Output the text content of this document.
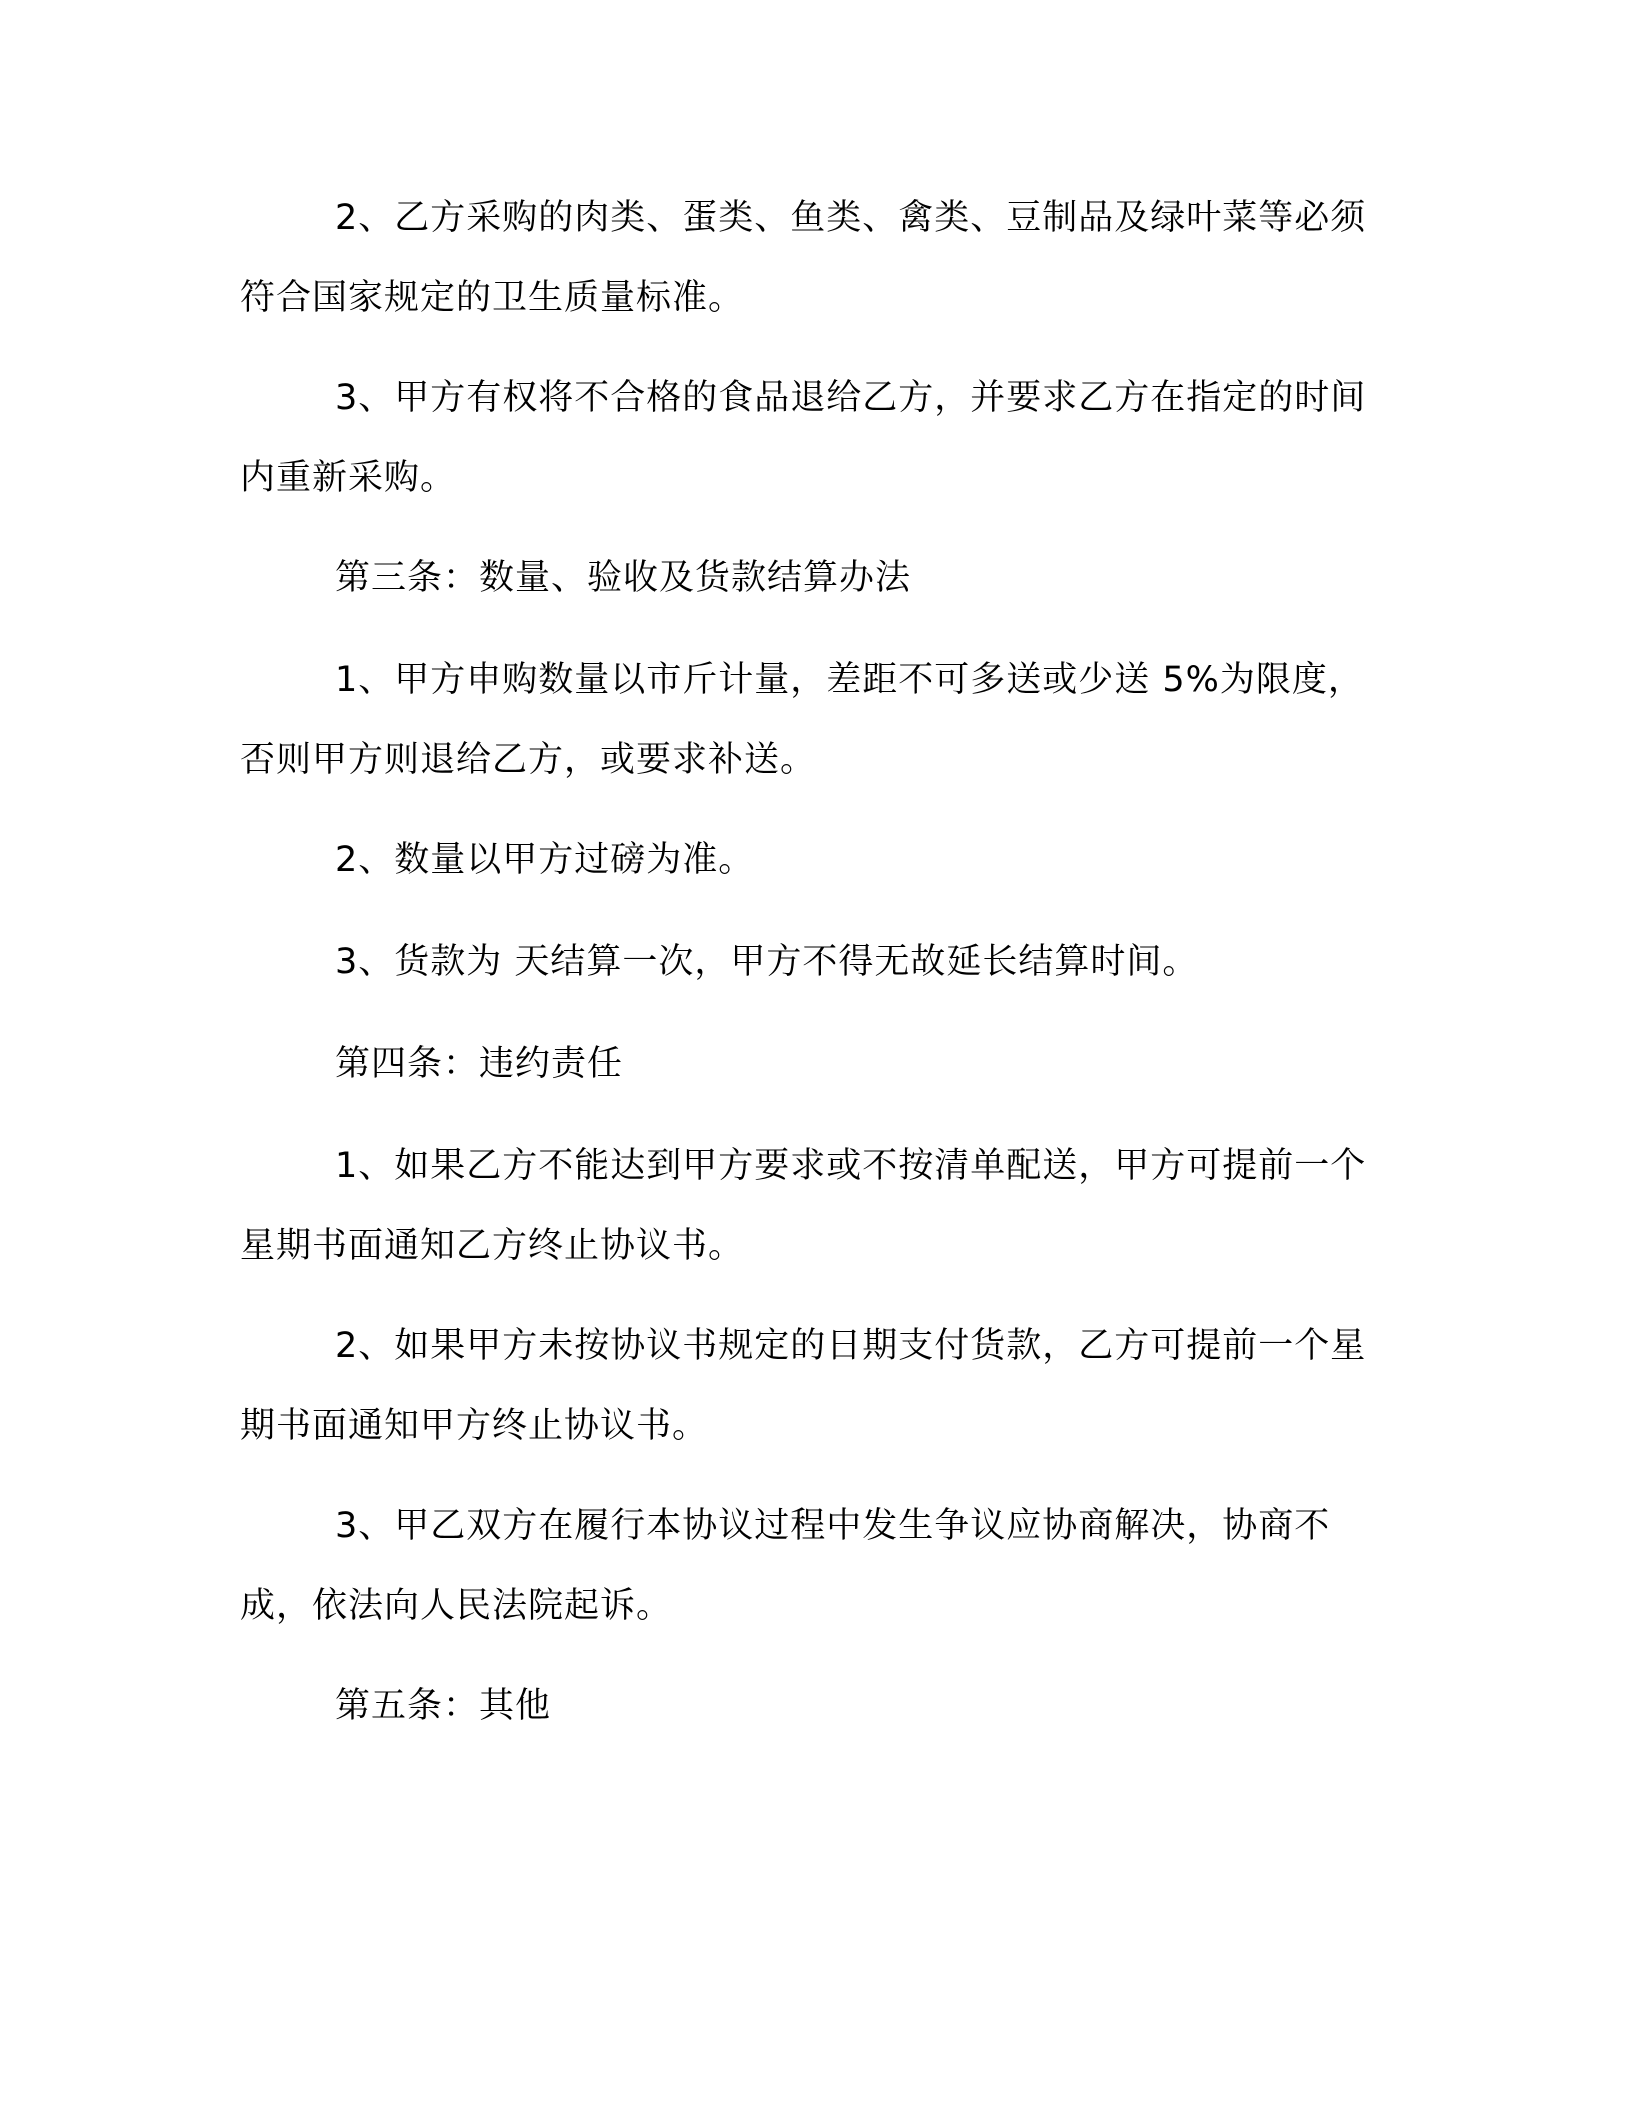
2、乙方采购的肉类、蛋类、鱼类、禽类、豆制品及绿叶菜等必须符合国家规定的卫生质量标准。

3、甲方有权将不合格的食品退给乙方，并要求乙方在指定的时间内重新采购。

第三条：数量、验收及货款结算办法

1、甲方申购数量以市斤计量，差距不可多送或少送 5%为限度，否则甲方则退给乙方，或要求补送。

2、数量以甲方过磅为准。

3、货款为 天结算一次，甲方不得无故延长结算时间。

第四条：违约责任

1、如果乙方不能达到甲方要求或不按清单配送，甲方可提前一个星期书面通知乙方终止协议书。

2、如果甲方未按协议书规定的日期支付货款，乙方可提前一个星期书面通知甲方终止协议书。

3、甲乙双方在履行本协议过程中发生争议应协商解决，协商不成，依法向人民法院起诉。

第五条：其他
